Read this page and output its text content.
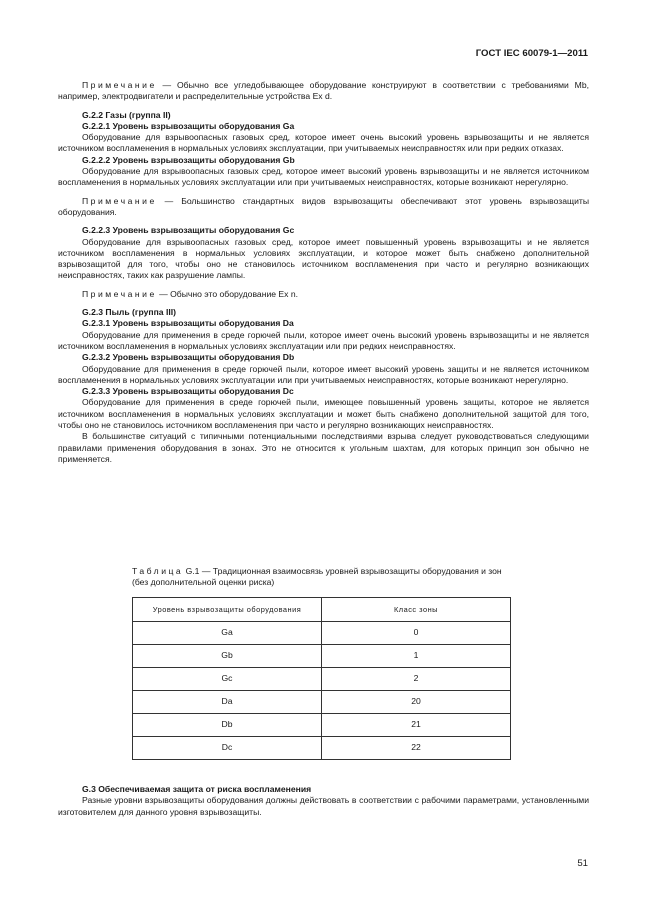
ГОСТ IEC 60079-1—2011

Примечание — Обычно все угледобывающее оборудование конструируют в соответствии с требованиями Mb, например, электродвигатели и распределительные устройства Ex d.

G.2.2 Газы (группа II)

G.2.2.1 Уровень взрывозащиты оборудования Ga

Оборудование для взрывоопасных газовых сред, которое имеет очень высокий уровень взрывозащиты и не является источником воспламенения в нормальных условиях эксплуатации, при учитываемых неисправностях или при редких отказах.

G.2.2.2 Уровень взрывозащиты оборудования Gb

Оборудование для взрывоопасных газовых сред, которое имеет высокий уровень взрывозащиты и не является источником воспламенения в нормальных условиях эксплуатации или при учитываемых неисправностях, которые возникают нерегулярно.

Примечание — Большинство стандартных видов взрывозащиты обеспечивают этот уровень взрывозащиты оборудования.

G.2.2.3 Уровень взрывозащиты оборудования Gc

Оборудование для взрывоопасных газовых сред, которое имеет повышенный уровень взрывозащиты и не является источником воспламенения в нормальных условиях эксплуатации, и которое может быть снабжено дополнительной взрывозащитой для того, чтобы оно не становилось источником воспламенения при часто и регулярно возникающих неисправностях, таких как разрушение лампы.

Примечание — Обычно это оборудование Ex n.

G.2.3 Пыль (группа III)

G.2.3.1 Уровень взрывозащиты оборудования Da

Оборудование для применения в среде горючей пыли, которое имеет очень высокий уровень взрывозащиты и не является источником воспламенения в нормальных условиях эксплуатации или при редких неисправностях.

G.2.3.2 Уровень взрывозащиты оборудования Db

Оборудование для применения в среде горючей пыли, которое имеет высокий уровень защиты и не является источником воспламенения в нормальных условиях эксплуатации или при учитываемых неисправностях, которые возникают нерегулярно.

G.2.3.3 Уровень взрывозащиты оборудования Dc

Оборудование для применения в среде горючей пыли, имеющее повышенный уровень защиты, которое не является источником воспламенения в нормальных условиях эксплуатации и может быть снабжено дополнительной защитой для того, чтобы оно не становилось источником воспламенения при часто и регулярно возникающих неисправностях.

В большинстве ситуаций с типичными потенциальными последствиями взрыва следует руководствоваться следующими правилами применения оборудования в зонах. Это не относится к угольным шахтам, для которых принцип зон обычно не применяется.

Таблица G.1 — Традиционная взаимосвязь уровней взрывозащиты оборудования и зон (без дополнительной оценки риска)
Уровень взрывозащиты оборудования	Класс зоны
Ga	0
Gb	1
Gc	2
Da	20
Db	21
Dc	22

G.3 Обеспечиваемая защита от риска воспламенения

Разные уровни взрывозащиты оборудования должны действовать в соответствии с рабочими параметрами, установленными изготовителем для данного уровня взрывозащиты.

51
